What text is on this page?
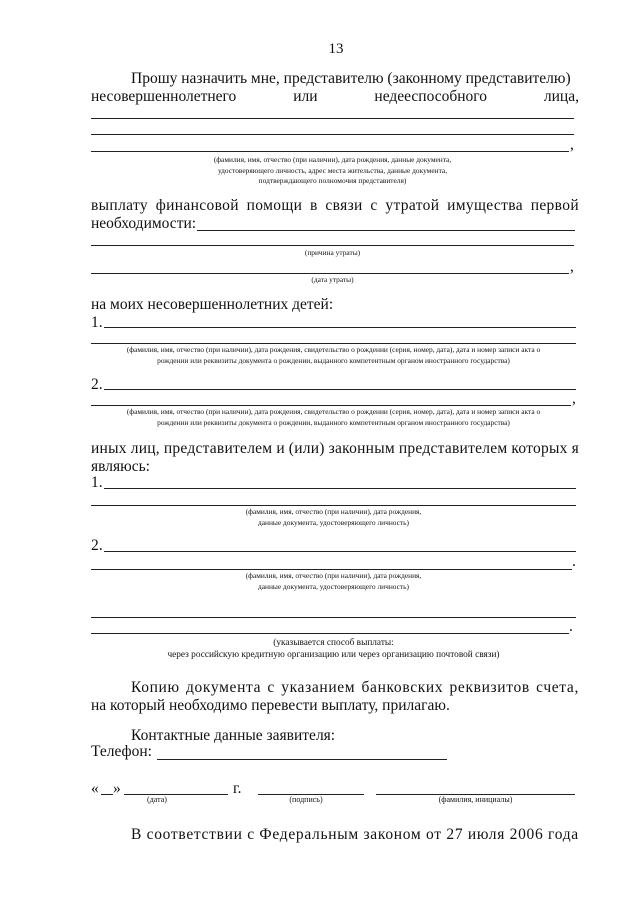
13
Прошу назначить мне, представителю (законному представителю)
несовершеннолетнего	или	недееспособного	лица,
,
(фамилия, имя, отчество (при наличии), дата рождения, данные документа,
удостоверяющего личность, адрес места жительства, данные документа,
подтверждающего полномочия представителя)
выплату финансовой помощи в связи с утратой имущества первой
необходимости:
(причина утраты)
,
(дата утраты)
на моих несовершеннолетних детей:
1.
(фамилия, имя, отчество (при наличии), дата рождения, свидетельство о рождении (серия, номер, дата), дата и номер записи акта о
рождении или реквизиты документа о рождении, выданного компетентным органом иностранного государства)
2.
,
(фамилия, имя, отчество (при наличии), дата рождения, свидетельство о рождении (серия, номер, дата), дата и номер записи акта о
рождении или реквизиты документа о рождении, выданного компетентным органом иностранного государства)
иных лиц, представителем и (или) законным представителем которых я
являюсь:
1.
(фамилия, имя, отчество (при наличии), дата рождения,
данные документа, удостоверяющего личность)
2.
.
(фамилия, имя, отчество (при наличии), дата рождения,
данные документа, удостоверяющего личность)
.
(указывается способ выплаты:
через российскую кредитную организацию или через организацию почтовой связи)
Копию документа с указанием банковских реквизитов счета,
на который необходимо перевести выплату, прилагаю.
Контактные данные заявителя:
Телефон:
« »	г.
(дата)	(подпись)	(фамилия, инициалы)
В соответствии с Федеральным законом от 27 июля 2006 года
